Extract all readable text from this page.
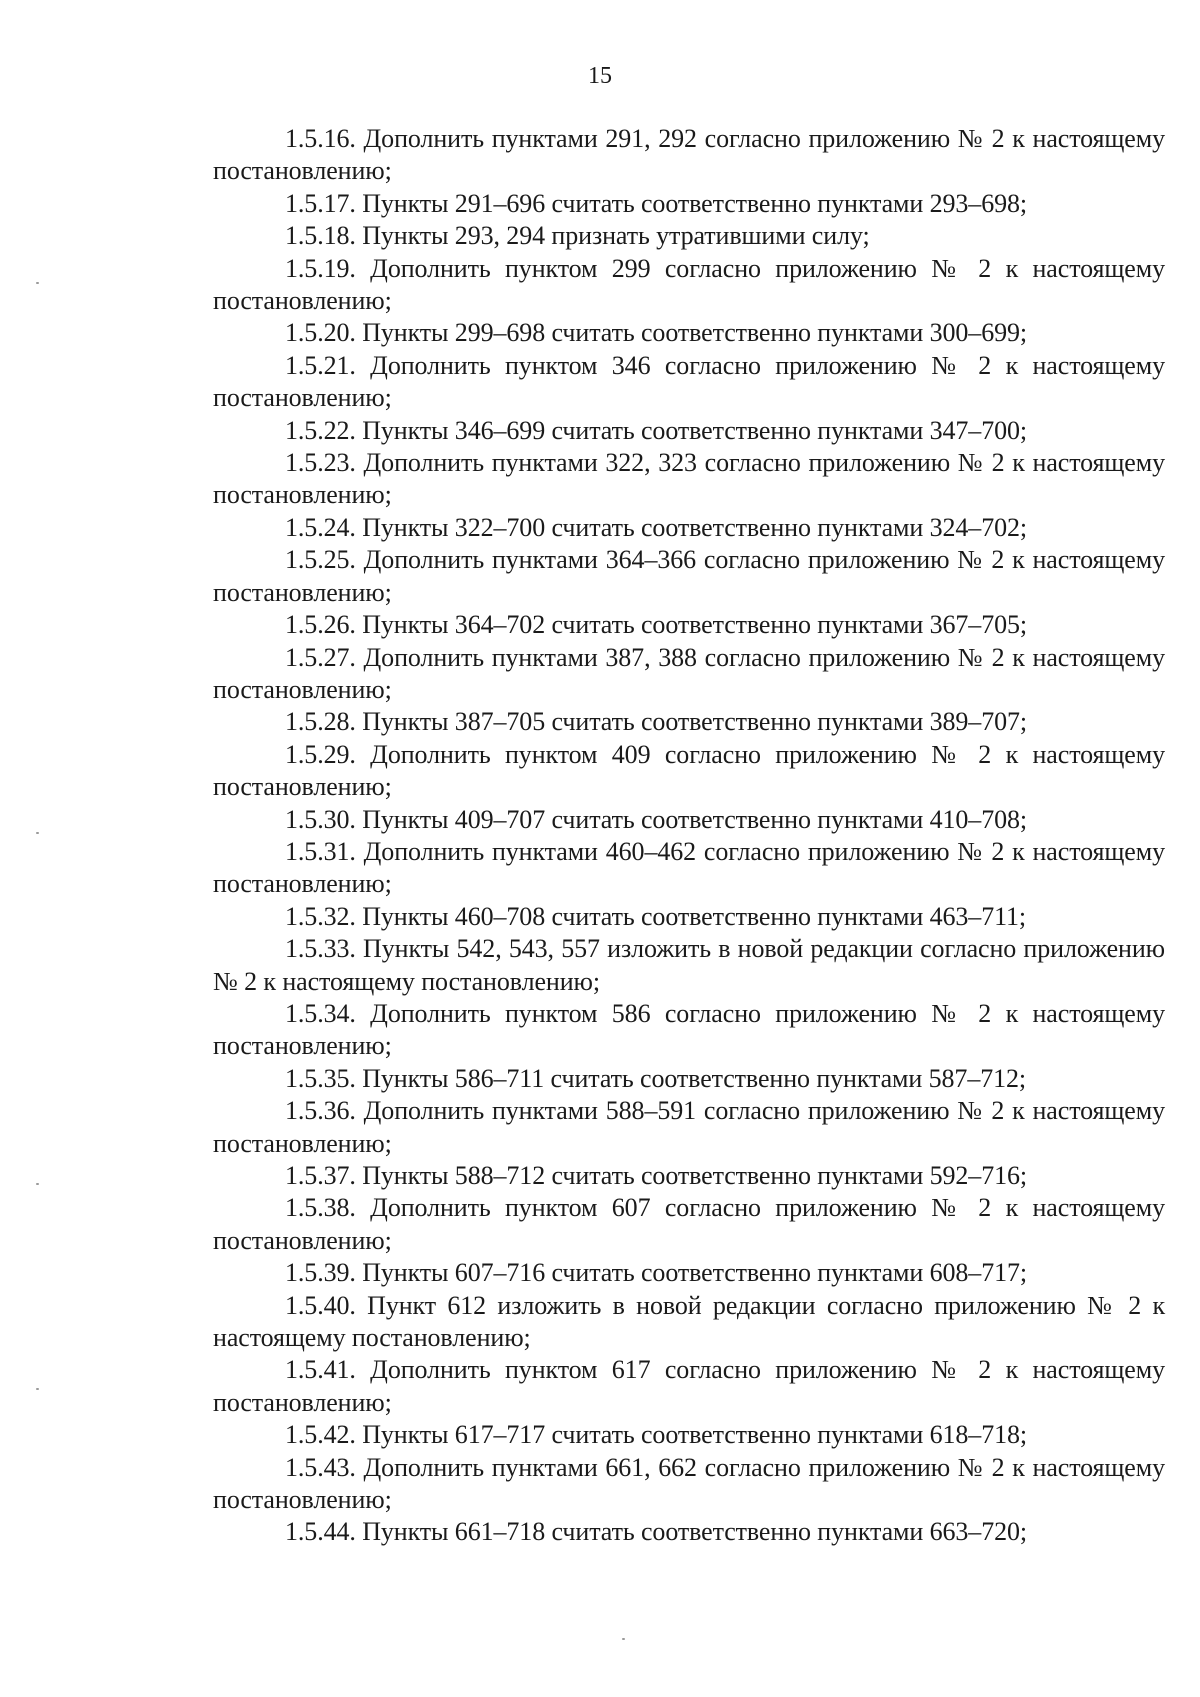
15

1.5.16. Дополнить пунктами 291, 292 согласно приложению № 2 к настоящему постановлению;

1.5.17. Пункты 291–696 считать соответственно пунктами 293–698;

1.5.18. Пункты 293, 294 признать утратившими силу;

1.5.19. Дополнить пунктом 299 согласно приложению № 2 к настоящему постановлению;

1.5.20. Пункты 299–698 считать соответственно пунктами 300–699;

1.5.21. Дополнить пунктом 346 согласно приложению № 2 к настоящему постановлению;

1.5.22. Пункты 346–699 считать соответственно пунктами 347–700;

1.5.23. Дополнить пунктами 322, 323 согласно приложению № 2 к настоящему постановлению;

1.5.24. Пункты 322–700 считать соответственно пунктами 324–702;

1.5.25. Дополнить пунктами 364–366 согласно приложению № 2 к настоящему постановлению;

1.5.26. Пункты 364–702 считать соответственно пунктами 367–705;

1.5.27. Дополнить пунктами 387, 388 согласно приложению № 2 к настоящему постановлению;

1.5.28. Пункты 387–705 считать соответственно пунктами 389–707;

1.5.29. Дополнить пунктом 409 согласно приложению № 2 к настоящему постановлению;

1.5.30. Пункты 409–707 считать соответственно пунктами 410–708;

1.5.31. Дополнить пунктами 460–462 согласно приложению № 2 к настоящему постановлению;

1.5.32. Пункты 460–708 считать соответственно пунктами 463–711;

1.5.33. Пункты 542, 543, 557 изложить в новой редакции согласно приложению № 2 к настоящему постановлению;

1.5.34. Дополнить пунктом 586 согласно приложению № 2 к настоящему постановлению;

1.5.35. Пункты 586–711 считать соответственно пунктами 587–712;

1.5.36. Дополнить пунктами 588–591 согласно приложению № 2 к настоящему постановлению;

1.5.37. Пункты 588–712 считать соответственно пунктами 592–716;

1.5.38. Дополнить пунктом 607 согласно приложению № 2 к настоящему постановлению;

1.5.39. Пункты 607–716 считать соответственно пунктами 608–717;

1.5.40. Пункт 612 изложить в новой редакции согласно приложению № 2 к настоящему постановлению;

1.5.41. Дополнить пунктом 617 согласно приложению № 2 к настоящему постановлению;

1.5.42. Пункты 617–717 считать соответственно пунктами 618–718;

1.5.43. Дополнить пунктами 661, 662 согласно приложению № 2 к настоящему постановлению;

1.5.44. Пункты 661–718 считать соответственно пунктами 663–720;
